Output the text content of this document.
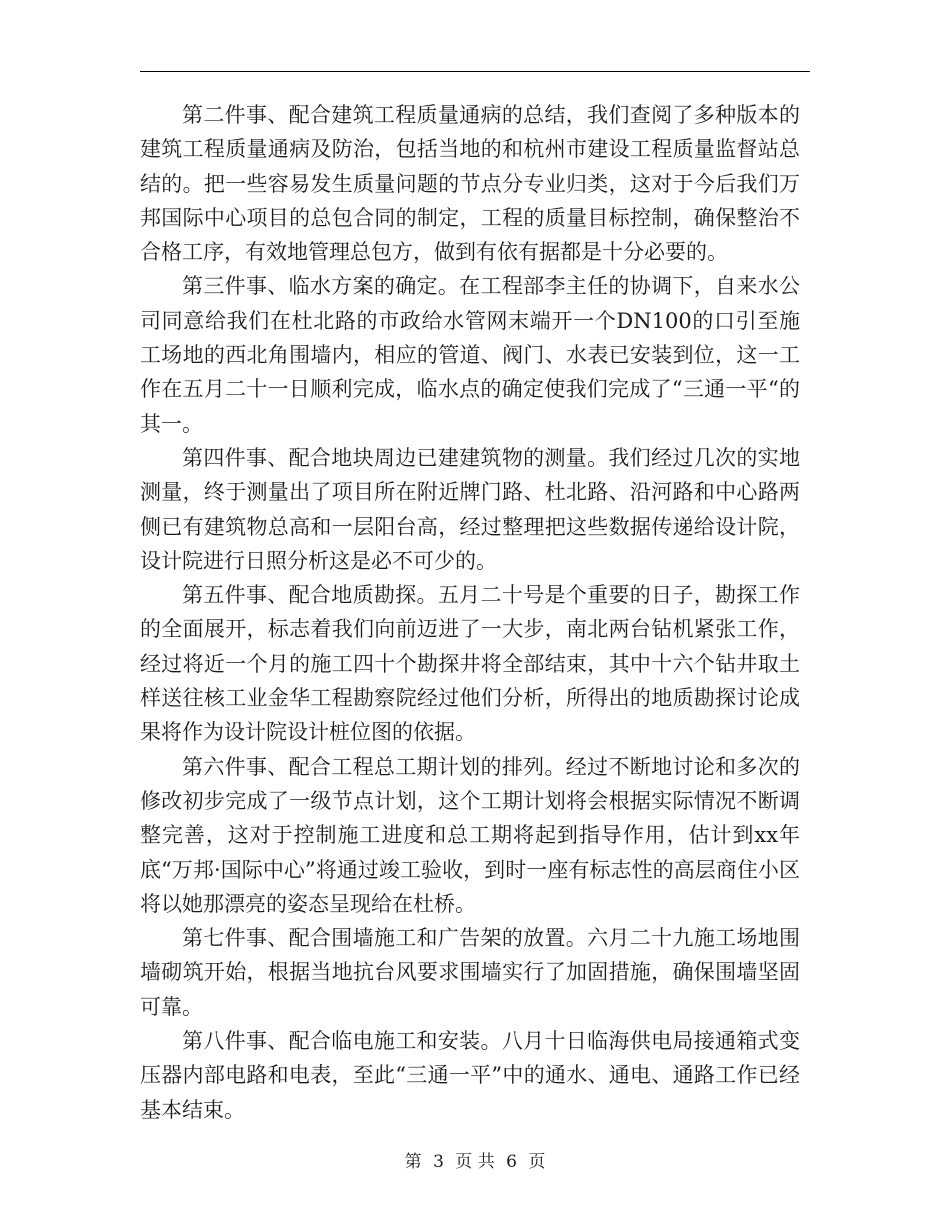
第二件事、配合建筑工程质量通病的总结，我们查阅了多种版本的建筑工程质量通病及防治，包括当地的和杭州市建设工程质量监督站总结的。把一些容易发生质量问题的节点分专业归类，这对于今后我们万邦国际中心项目的总包合同的制定，工程的质量目标控制，确保整治不合格工序，有效地管理总包方，做到有依有据都是十分必要的。

第三件事、临水方案的确定。在工程部李主任的协调下，自来水公司同意给我们在杜北路的市政给水管网末端开一个DN100的口引至施工场地的西北角围墙内，相应的管道、阀门、水表已安装到位，这一工作在五月二十一日顺利完成，临水点的确定使我们完成了“三通一平“的其一。

第四件事、配合地块周边已建建筑物的测量。我们经过几次的实地测量，终于测量出了项目所在附近牌门路、杜北路、沿河路和中心路两侧已有建筑物总高和一层阳台高，经过整理把这些数据传递给设计院，设计院进行日照分析这是必不可少的。

第五件事、配合地质勘探。五月二十号是个重要的日子，勘探工作的全面展开，标志着我们向前迈进了一大步，南北两台钻机紧张工作，经过将近一个月的施工四十个勘探井将全部结束，其中十六个钻井取土样送往核工业金华工程勘察院经过他们分析，所得出的地质勘探讨论成果将作为设计院设计桩位图的依据。

第六件事、配合工程总工期计划的排列。经过不断地讨论和多次的修改初步完成了一级节点计划，这个工期计划将会根据实际情况不断调整完善，这对于控制施工进度和总工期将起到指导作用，估计到xx年底“万邦·国际中心”将通过竣工验收，到时一座有标志性的高层商住小区将以她那漂亮的姿态呈现给在杜桥。

第七件事、配合围墙施工和广告架的放置。六月二十九施工场地围墙砌筑开始，根据当地抗台风要求围墙实行了加固措施，确保围墙坚固可靠。

第八件事、配合临电施工和安装。八月十日临海供电局接通箱式变压器内部电路和电表，至此“三通一平”中的通水、通电、通路工作已经基本结束。

第 3 页 共 6 页
